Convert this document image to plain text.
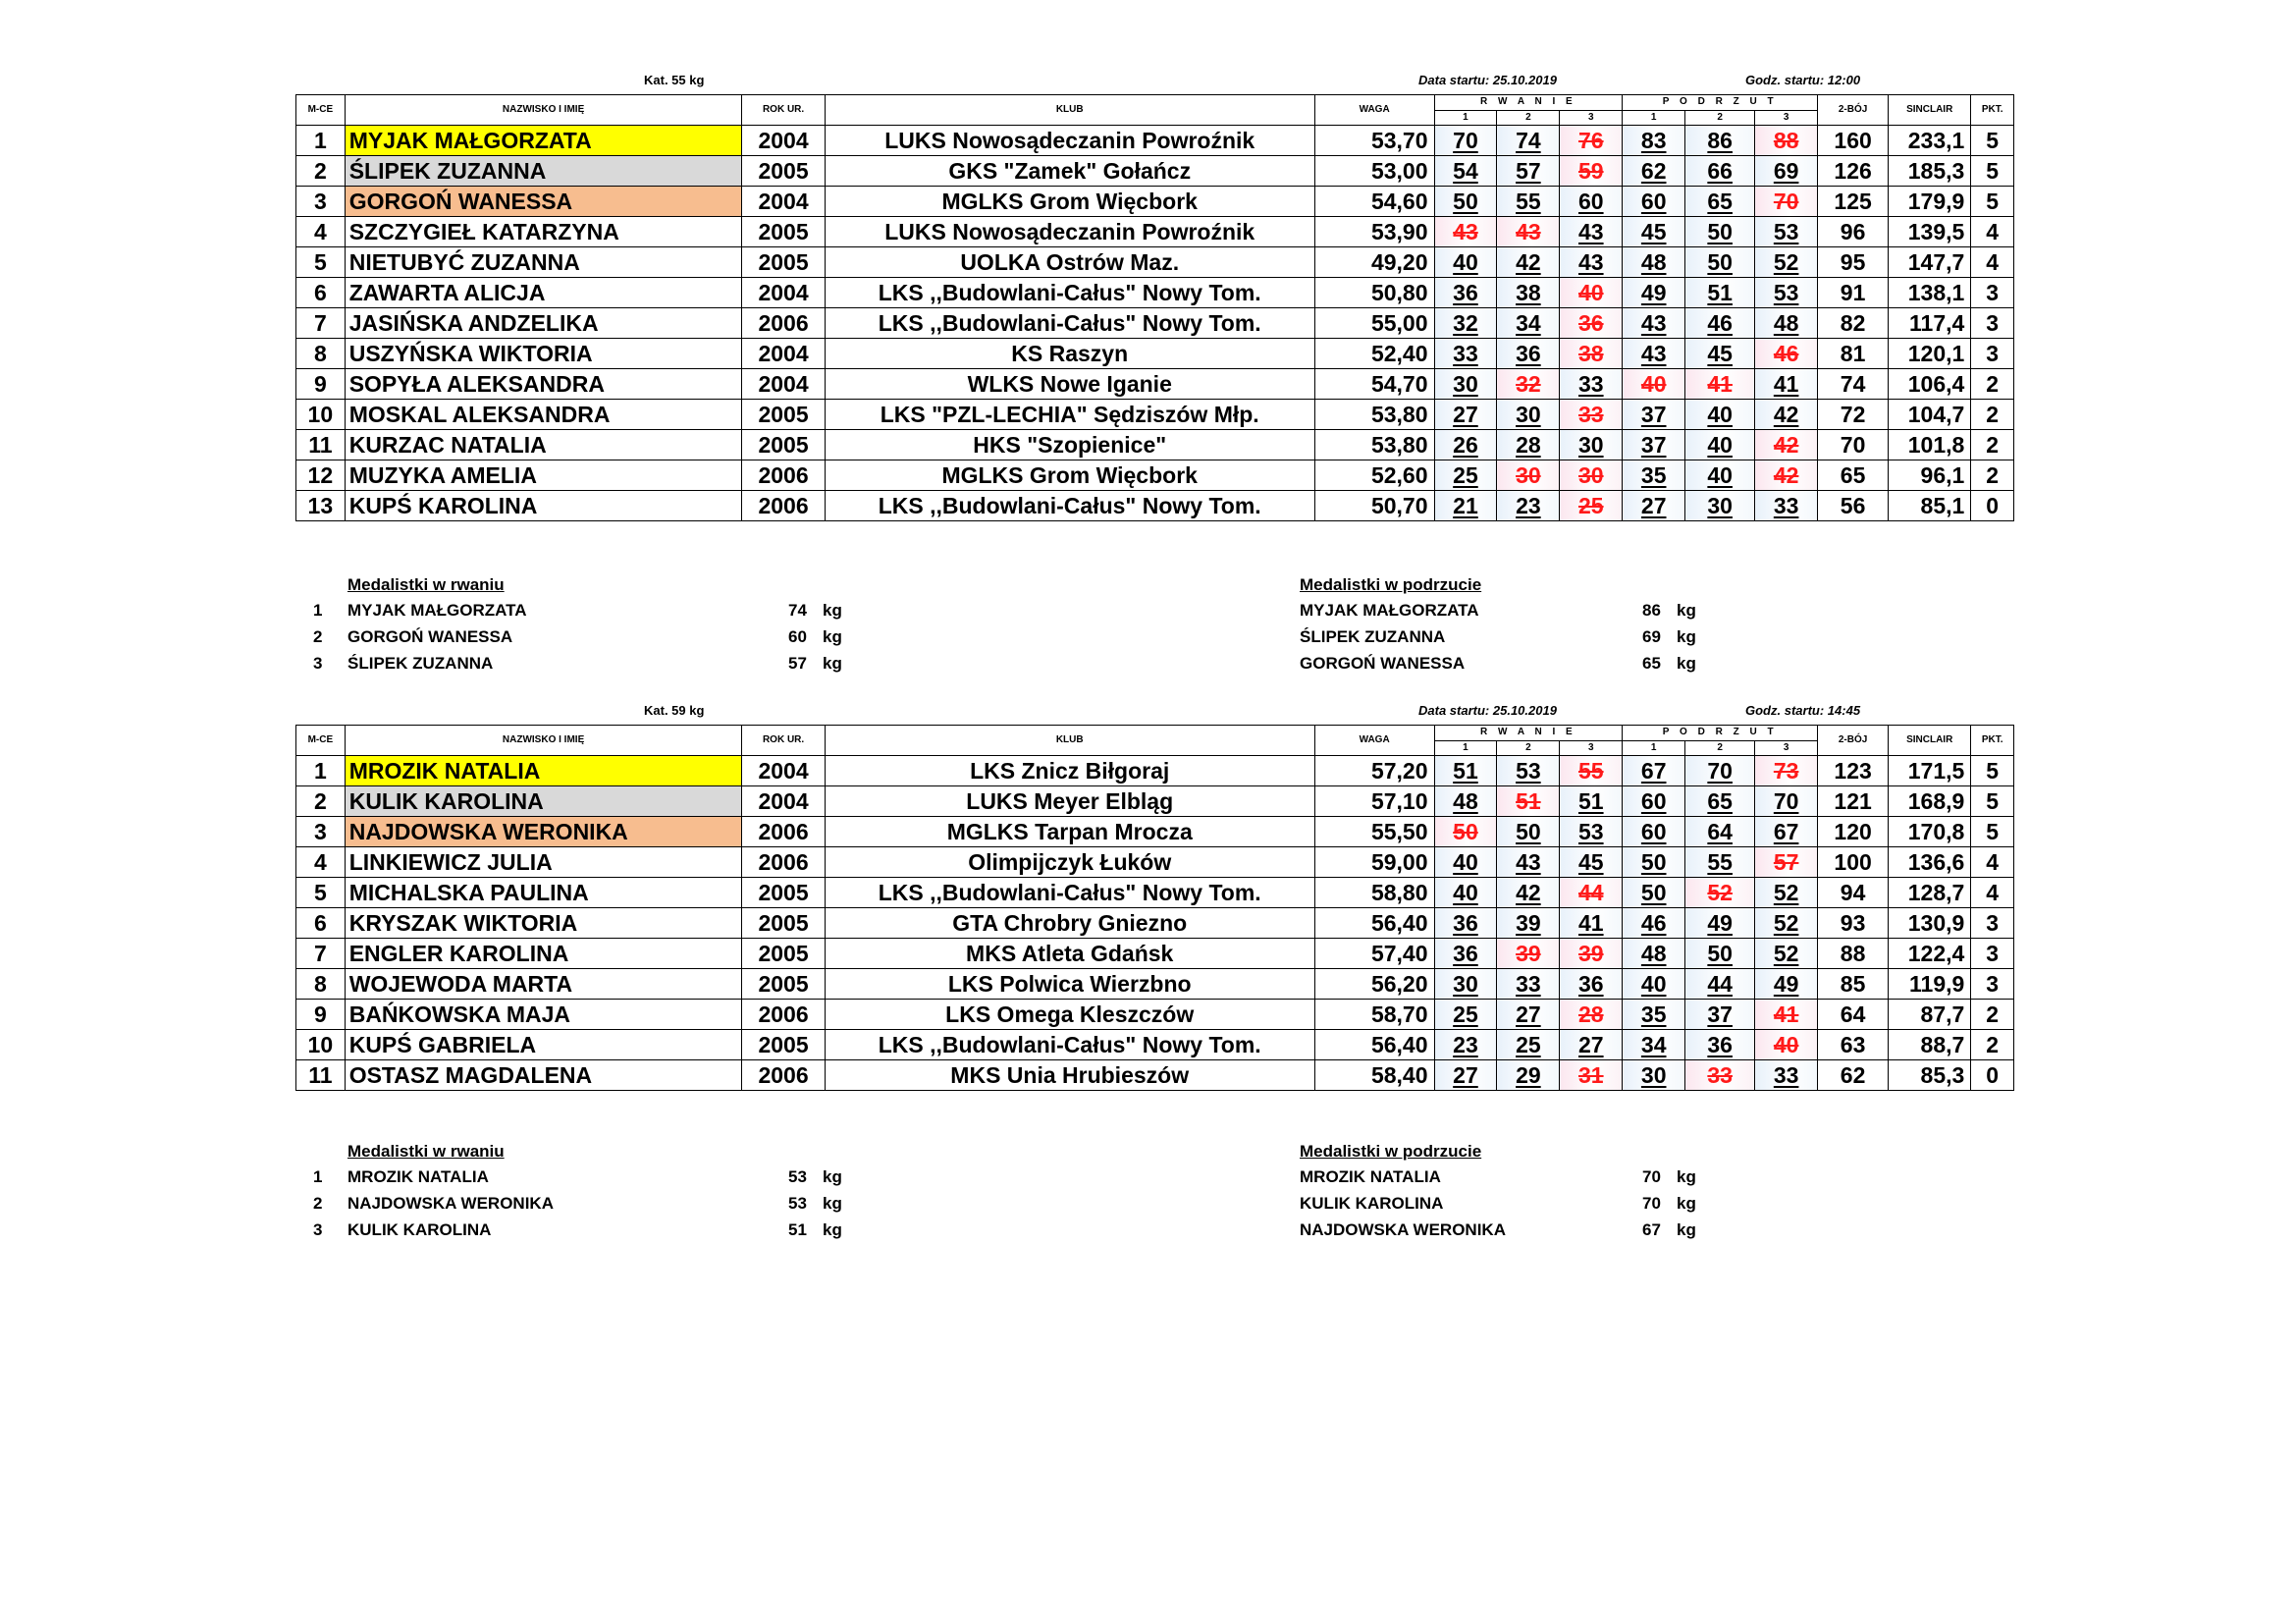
Kat. 55 kg	Data startu: 25.10.2019	Godz. startu: 12:00
M-CE	NAZWISKO I IMIĘ	ROK UR.	KLUB	WAGA	R W A N I E			P O D R Z U T			2-BÓJ	SINCLAIR	PKT.
					1	2	3	1	2	3			
1	MYJAK MAŁGORZATA	2004	LUKS Nowosądeczanin Powroźnik	53,70	70	74	76	83	86	88	160	233,1	5
2	ŚLIPEK ZUZANNA	2005	GKS "Zamek" Gołańcz	53,00	54	57	59	62	66	69	126	185,3	5
3	GORGOŃ WANESSA	2004	MGLKS Grom Więcbork	54,60	50	55	60	60	65	70	125	179,9	5
4	SZCZYGIEŁ KATARZYNA	2005	LUKS Nowosądeczanin Powroźnik	53,90	43	43	43	45	50	53	96	139,5	4
5	NIETUBYĆ ZUZANNA	2005	UOLKA Ostrów Maz.	49,20	40	42	43	48	50	52	95	147,7	4
6	ZAWARTA ALICJA	2004	LKS ,,Budowlani-Całus" Nowy Tom.	50,80	36	38	40	49	51	53	91	138,1	3
7	JASIŃSKA ANDZELIKA	2006	LKS ,,Budowlani-Całus" Nowy Tom.	55,00	32	34	36	43	46	48	82	117,4	3
8	USZYŃSKA WIKTORIA	2004	KS Raszyn	52,40	33	36	38	43	45	46	81	120,1	3
9	SOPYŁA ALEKSANDRA	2004	WLKS Nowe Iganie	54,70	30	32	33	40	41	41	74	106,4	2
10	MOSKAL ALEKSANDRA	2005	LKS "PZL-LECHIA" Sędziszów Młp.	53,80	27	30	33	37	40	42	72	104,7	2
11	KURZAC NATALIA	2005	HKS "Szopienice"	53,80	26	28	30	37	40	42	70	101,8	2
12	MUZYKA AMELIA	2006	MGLKS Grom Więcbork	52,60	25	30	30	35	40	42	65	96,1	2
13	KUPŚ KAROLINA	2006	LKS ,,Budowlani-Całus" Nowy Tom.	50,70	21	23	25	27	30	33	56	85,1	0
Medalistki w rwaniu	Medalistki w podrzucie
1 MYJAK MAŁGORZATA	74 kg
2 GORGOŃ WANESSA	60 kg
3 ŚLIPEK ZUZANNA	57 kg
MYJAK MAŁGORZATA	86 kg
ŚLIPEK ZUZANNA	69 kg
GORGOŃ WANESSA	65 kg
Kat. 59 kg	Data startu: 25.10.2019	Godz. startu: 14:45
M-CE	NAZWISKO I IMIĘ	ROK UR.	KLUB	WAGA	R W A N I E			P O D R Z U T			2-BÓJ	SINCLAIR	PKT.
					1	2	3	1	2	3			
1	MROZIK NATALIA	2004	LKS Znicz Biłgoraj	57,20	51	53	55	67	70	73	123	171,5	5
2	KULIK KAROLINA	2004	LUKS Meyer Elbląg	57,10	48	51	51	60	65	70	121	168,9	5
3	NAJDOWSKA WERONIKA	2006	MGLKS Tarpan Mrocza	55,50	50	50	53	60	64	67	120	170,8	5
4	LINKIEWICZ JULIA	2006	Olimpijczyk Łuków	59,00	40	43	45	50	55	57	100	136,6	4
5	MICHALSKA PAULINA	2005	LKS ,,Budowlani-Całus" Nowy Tom.	58,80	40	42	44	50	52	52	94	128,7	4
6	KRYSZAK WIKTORIA	2005	GTA Chrobry Gniezno	56,40	36	39	41	46	49	52	93	130,9	3
7	ENGLER KAROLINA	2005	MKS Atleta Gdańsk	57,40	36	39	39	48	50	52	88	122,4	3
8	WOJEWODA MARTA	2005	LKS Polwica Wierzbno	56,20	30	33	36	40	44	49	85	119,9	3
9	BAŃKOWSKA MAJA	2006	LKS Omega Kleszczów	58,70	25	27	28	35	37	41	64	87,7	2
10	KUPŚ GABRIELA	2005	LKS ,,Budowlani-Całus" Nowy Tom.	56,40	23	25	27	34	36	40	63	88,7	2
11	OSTASZ MAGDALENA	2006	MKS Unia Hrubieszów	58,40	27	29	31	30	33	33	62	85,3	0
Medalistki w rwaniu	Medalistki w podrzucie
1 MROZIK NATALIA	53 kg
2 NAJDOWSKA WERONIKA	53 kg
3 KULIK KAROLINA	51 kg
MROZIK NATALIA	70 kg
KULIK KAROLINA	70 kg
NAJDOWSKA WERONIKA	67 kg
